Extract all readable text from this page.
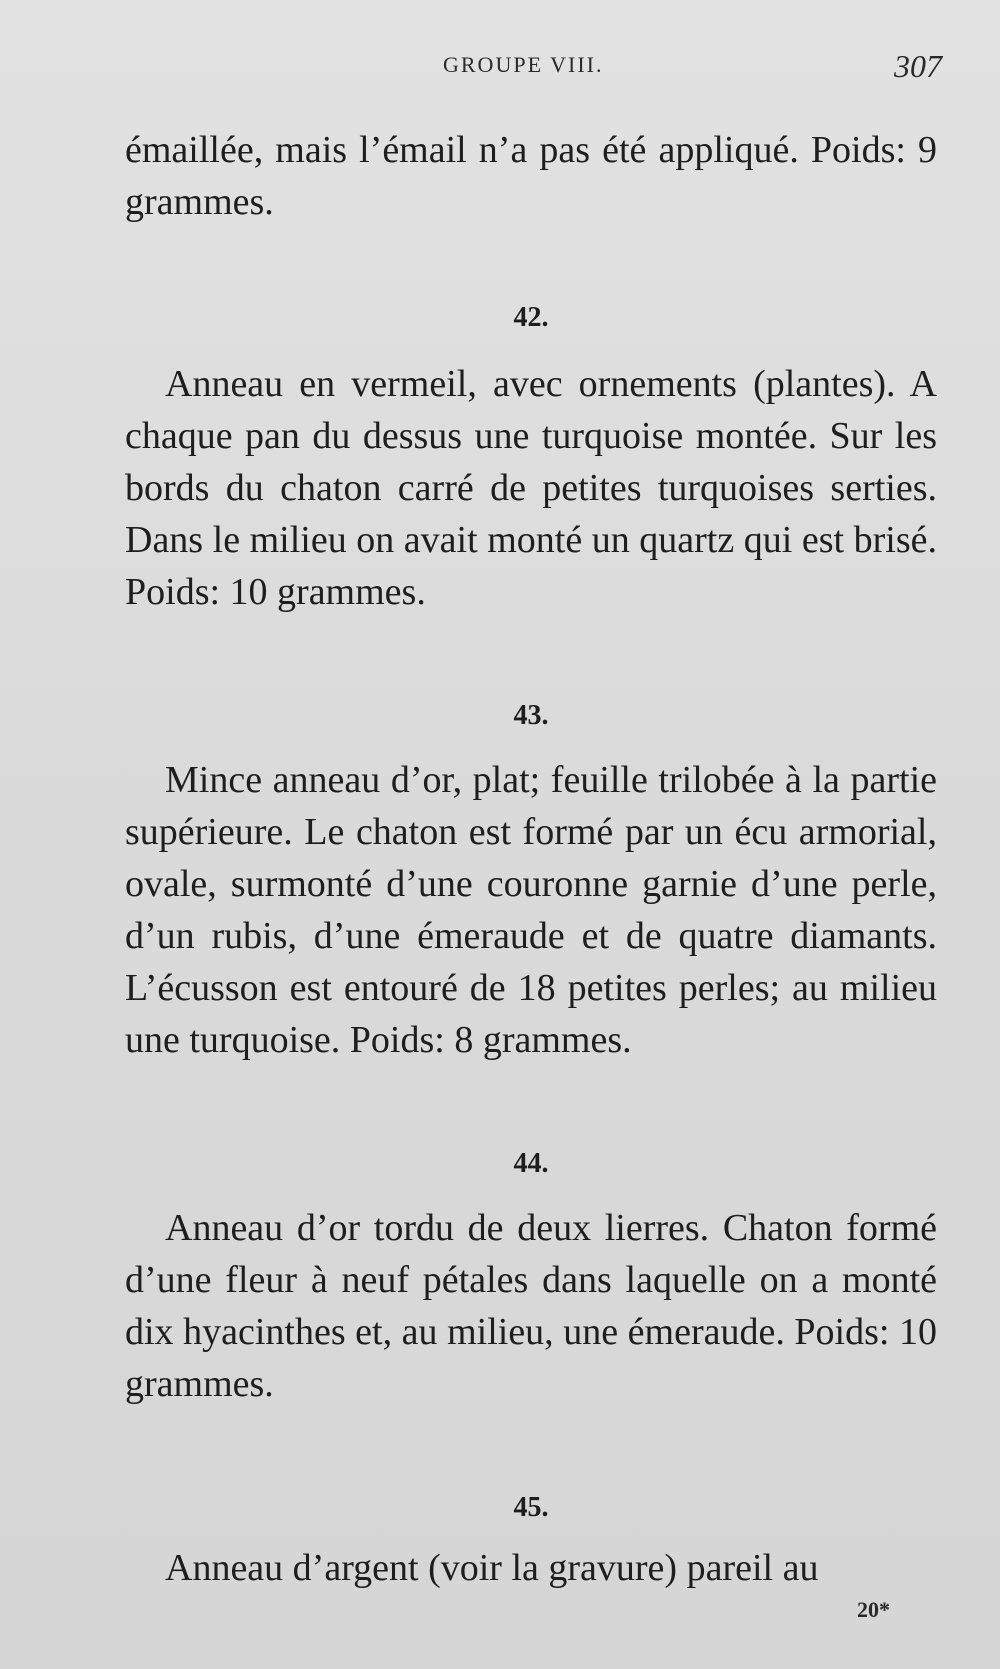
GROUPE VIII.	307

émaillée, mais l’émail n’a pas été appliqué. Poids: 9 grammes.

42.

Anneau en vermeil, avec ornements (plantes). A chaque pan du dessus une turquoise montée. Sur les bords du chaton carré de petites turquoises serties. Dans le milieu on avait monté un quartz qui est brisé. Poids: 10 grammes.

43.

Mince anneau d’or, plat; feuille trilobée à la partie supérieure. Le chaton est formé par un écu armorial, ovale, surmonté d’une couronne garnie d’une perle, d’un rubis, d’une émeraude et de quatre diamants. L’écusson est entouré de 18 petites perles; au milieu une turquoise. Poids: 8 grammes.

44.

Anneau d’or tordu de deux lierres. Chaton formé d’une fleur à neuf pétales dans laquelle on a monté dix hyacinthes et, au milieu, une émeraude. Poids: 10 grammes.

45.

Anneau d’argent (voir la gravure) pareil au

20*
